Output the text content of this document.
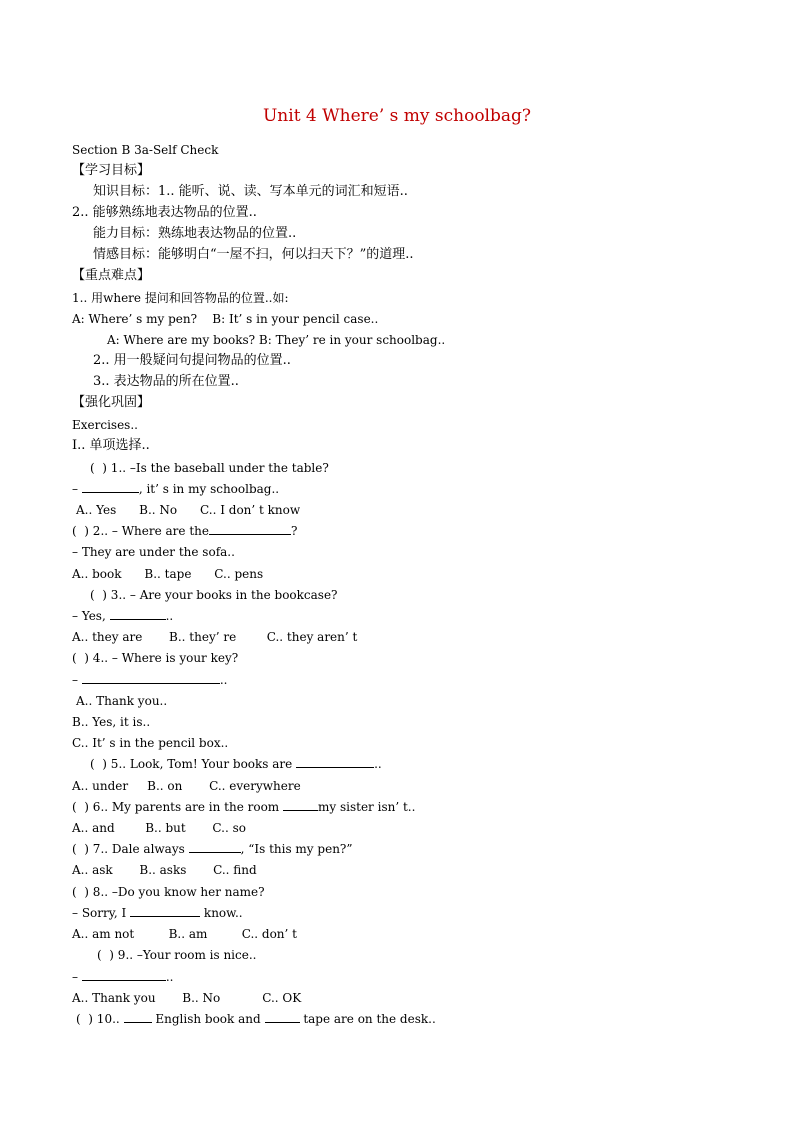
Unit 4 Where’ s my schoolbag?
Section B 3a-Self Check
【学习目标】
知识目标：1.. 能听、说、读、写本单元的词汇和短语..
2.. 能够熟练地表达物品的位置..
能力目标：熟练地表达物品的位置..
情感目标：能够明白“一屋不扫，何以扫天下？”的道理..
【重点难点】
1.. 用where 提问和回答物品的位置..如:
A: Where’ s my pen?    B: It’ s in your pencil case..
A: Where are my books? B: They’ re in your schoolbag..
2.. 用一般疑问句提问物品的位置..
3.. 表达物品的所在位置..
【强化巩固】
Exercises..
I.. 单项选择..
(  ) 1.. –Is the baseball under the table?
–	, it’ s in my schoolbag..
A.. Yes      B.. No      C.. I don’ t know
(  ) 2.. – Where are the	?
– They are under the sofa..
A.. book      B.. tape      C.. pens
(  ) 3.. – Are your books in the bookcase?
– Yes,	..
A.. they are       B.. they’ re        C.. they aren’ t
(  ) 4.. – Where is your key?
–	..
A.. Thank you..
B.. Yes, it is..
C.. It’ s in the pencil box..
(  ) 5.. Look, Tom! Your books are	..
A.. under     B.. on       C.. everywhere
(  ) 6.. My parents are in the room	my sister isn’ t..
A.. and        B.. but       C.. so
(  ) 7.. Dale always	, “Is this my pen?”
A.. ask       B.. asks       C.. find
(  ) 8.. –Do you know her name?
– Sorry, I	know..
A.. am not         B.. am         C.. don’ t
(  ) 9.. –Your room is nice..
–	..
A.. Thank you       B.. No           C.. OK
(  ) 10..  English book and	tape are on the desk..
